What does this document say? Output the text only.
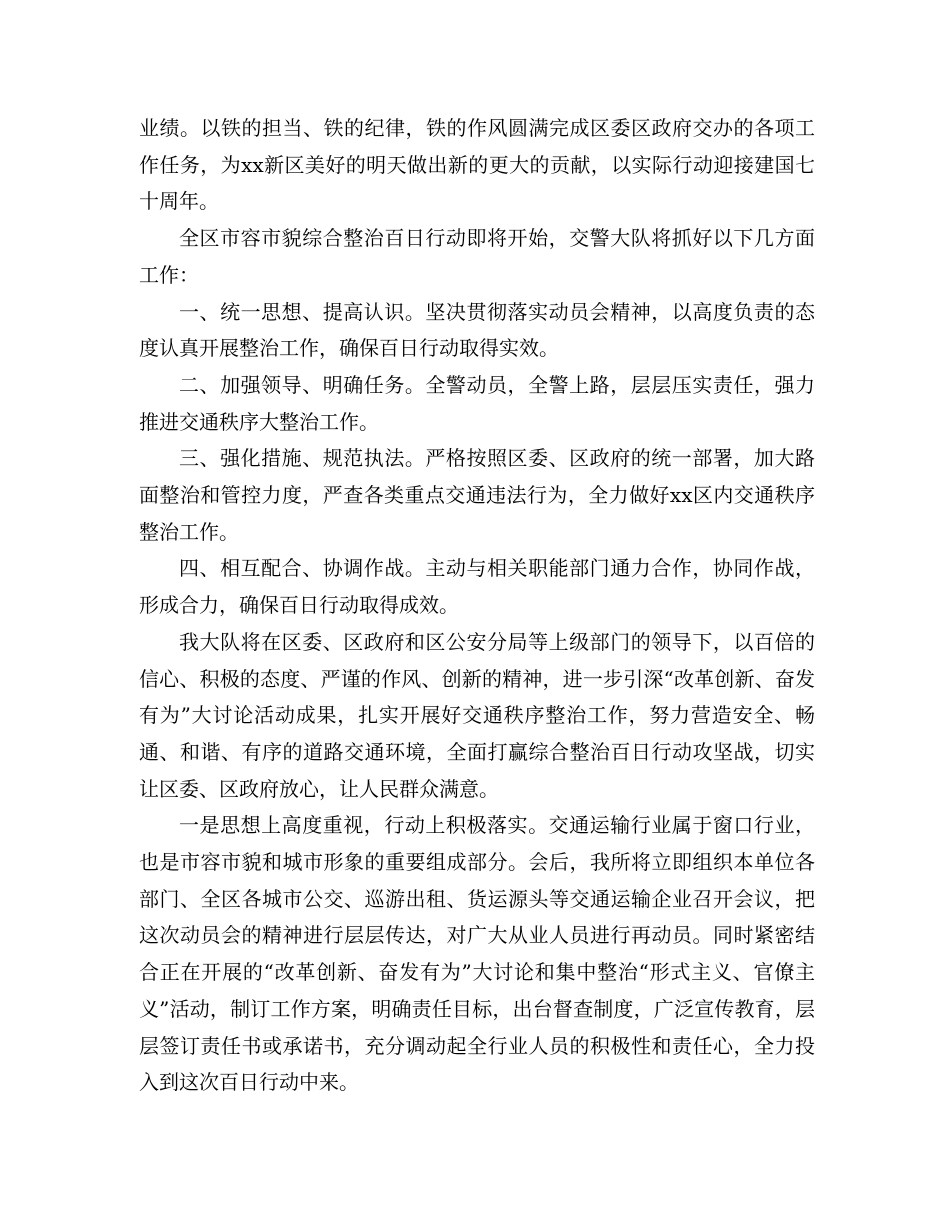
业绩。以铁的担当、铁的纪律，铁的作风圆满完成区委区政府交办的各项工作任务，为xx新区美好的明天做出新的更大的贡献，以实际行动迎接建国七十周年。

全区市容市貌综合整治百日行动即将开始，交警大队将抓好以下几方面工作：

一、统一思想、提高认识。坚决贯彻落实动员会精神，以高度负责的态度认真开展整治工作，确保百日行动取得实效。

二、加强领导、明确任务。全警动员，全警上路，层层压实责任，强力推进交通秩序大整治工作。

三、强化措施、规范执法。严格按照区委、区政府的统一部署，加大路面整治和管控力度，严查各类重点交通违法行为，全力做好xx区内交通秩序整治工作。

四、相互配合、协调作战。主动与相关职能部门通力合作，协同作战，形成合力，确保百日行动取得成效。

我大队将在区委、区政府和区公安分局等上级部门的领导下，以百倍的信心、积极的态度、严谨的作风、创新的精神，进一步引深“改革创新、奋发有为”大讨论活动成果，扎实开展好交通秩序整治工作，努力营造安全、畅通、和谐、有序的道路交通环境，全面打赢综合整治百日行动攻坚战，切实让区委、区政府放心，让人民群众满意。

一是思想上高度重视，行动上积极落实。交通运输行业属于窗口行业，也是市容市貌和城市形象的重要组成部分。会后，我所将立即组织本单位各部门、全区各城市公交、巡游出租、货运源头等交通运输企业召开会议，把这次动员会的精神进行层层传达，对广大从业人员进行再动员。同时紧密结合正在开展的“改革创新、奋发有为”大讨论和集中整治“形式主义、官僚主义”活动，制订工作方案，明确责任目标，出台督查制度，广泛宣传教育，层层签订责任书或承诺书，充分调动起全行业人员的积极性和责任心，全力投入到这次百日行动中来。
